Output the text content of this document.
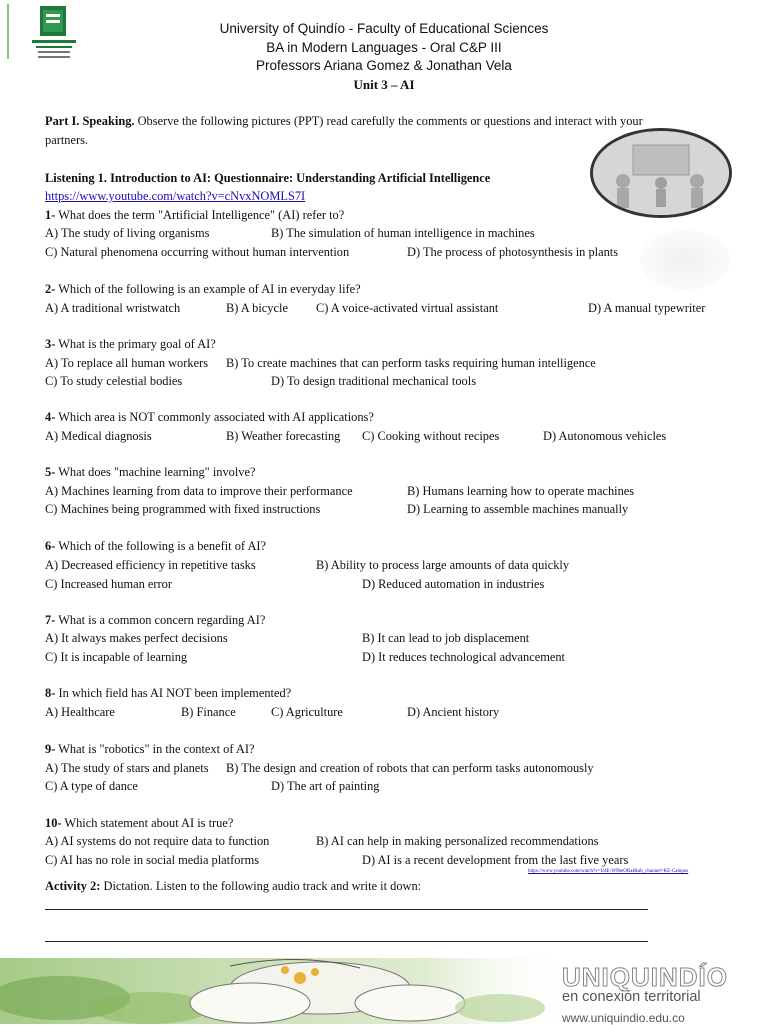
University of Quindío - Faculty of Educational Sciences
BA in Modern Languages - Oral C&P III
Professors Ariana Gomez & Jonathan Vela
Unit 3 – AI
Part I. Speaking. Observe the following pictures (PPT) read carefully the comments or questions and interact with your
partners.
Listening 1. Introduction to AI: Questionnaire: Understanding Artificial Intelligence
https://www.youtube.com/watch?v=cNvxNOMLS7I
1- What does the term "Artificial Intelligence" (AI) refer to?
A) The study of living organisms	B) The simulation of human intelligence in machines
C) Natural phenomena occurring without human intervention	D) The process of photosynthesis in plants
2- Which of the following is an example of AI in everyday life?
A) A traditional wristwatch	B) A bicycle C) A voice-activated virtual assistant	D) A manual typewriter
3- What is the primary goal of AI?
A) To replace all human workers B) To create machines that can perform tasks requiring human intelligence
C) To study celestial bodies	D) To design traditional mechanical tools
4- Which area is NOT commonly associated with AI applications?
A) Medical diagnosis	B) Weather forecasting C) Cooking without recipes	D) Autonomous vehicles
5- What does "machine learning" involve?
A) Machines learning from data to improve their performance	B) Humans learning how to operate machines
C) Machines being programmed with fixed instructions	D) Learning to assemble machines manually
6- Which of the following is a benefit of AI?
A) Decreased efficiency in repetitive tasks	B) Ability to process large amounts of data quickly
C) Increased human error	D) Reduced automation in industries
7- What is a common concern regarding AI?
A) It always makes perfect decisions	B) It can lead to job displacement
C) It is incapable of learning	D) It reduces technological advancement
8- In which field has AI NOT been implemented?
A) Healthcare	B) Finance	C) Agriculture	D) Ancient history
9- What is "robotics" in the context of AI?
A) The study of stars and planets B) The design and creation of robots that can perform tasks autonomously
C) A type of dance	D) The art of painting
10- Which statement about AI is true?
A) AI systems do not require data to function	B) AI can help in making personalized recommendations
C) AI has no role in social media platforms	D) AI is a recent development from the last five years
https://www.youtube.com/watch?v=U4E-W9beORaI&ab_channel=KE-Campus
Activity 2: Dictation. Listen to the following audio track and write it down:
UNIQUINDÍO
en conexión territorial
www.uniquindio.edu.co
